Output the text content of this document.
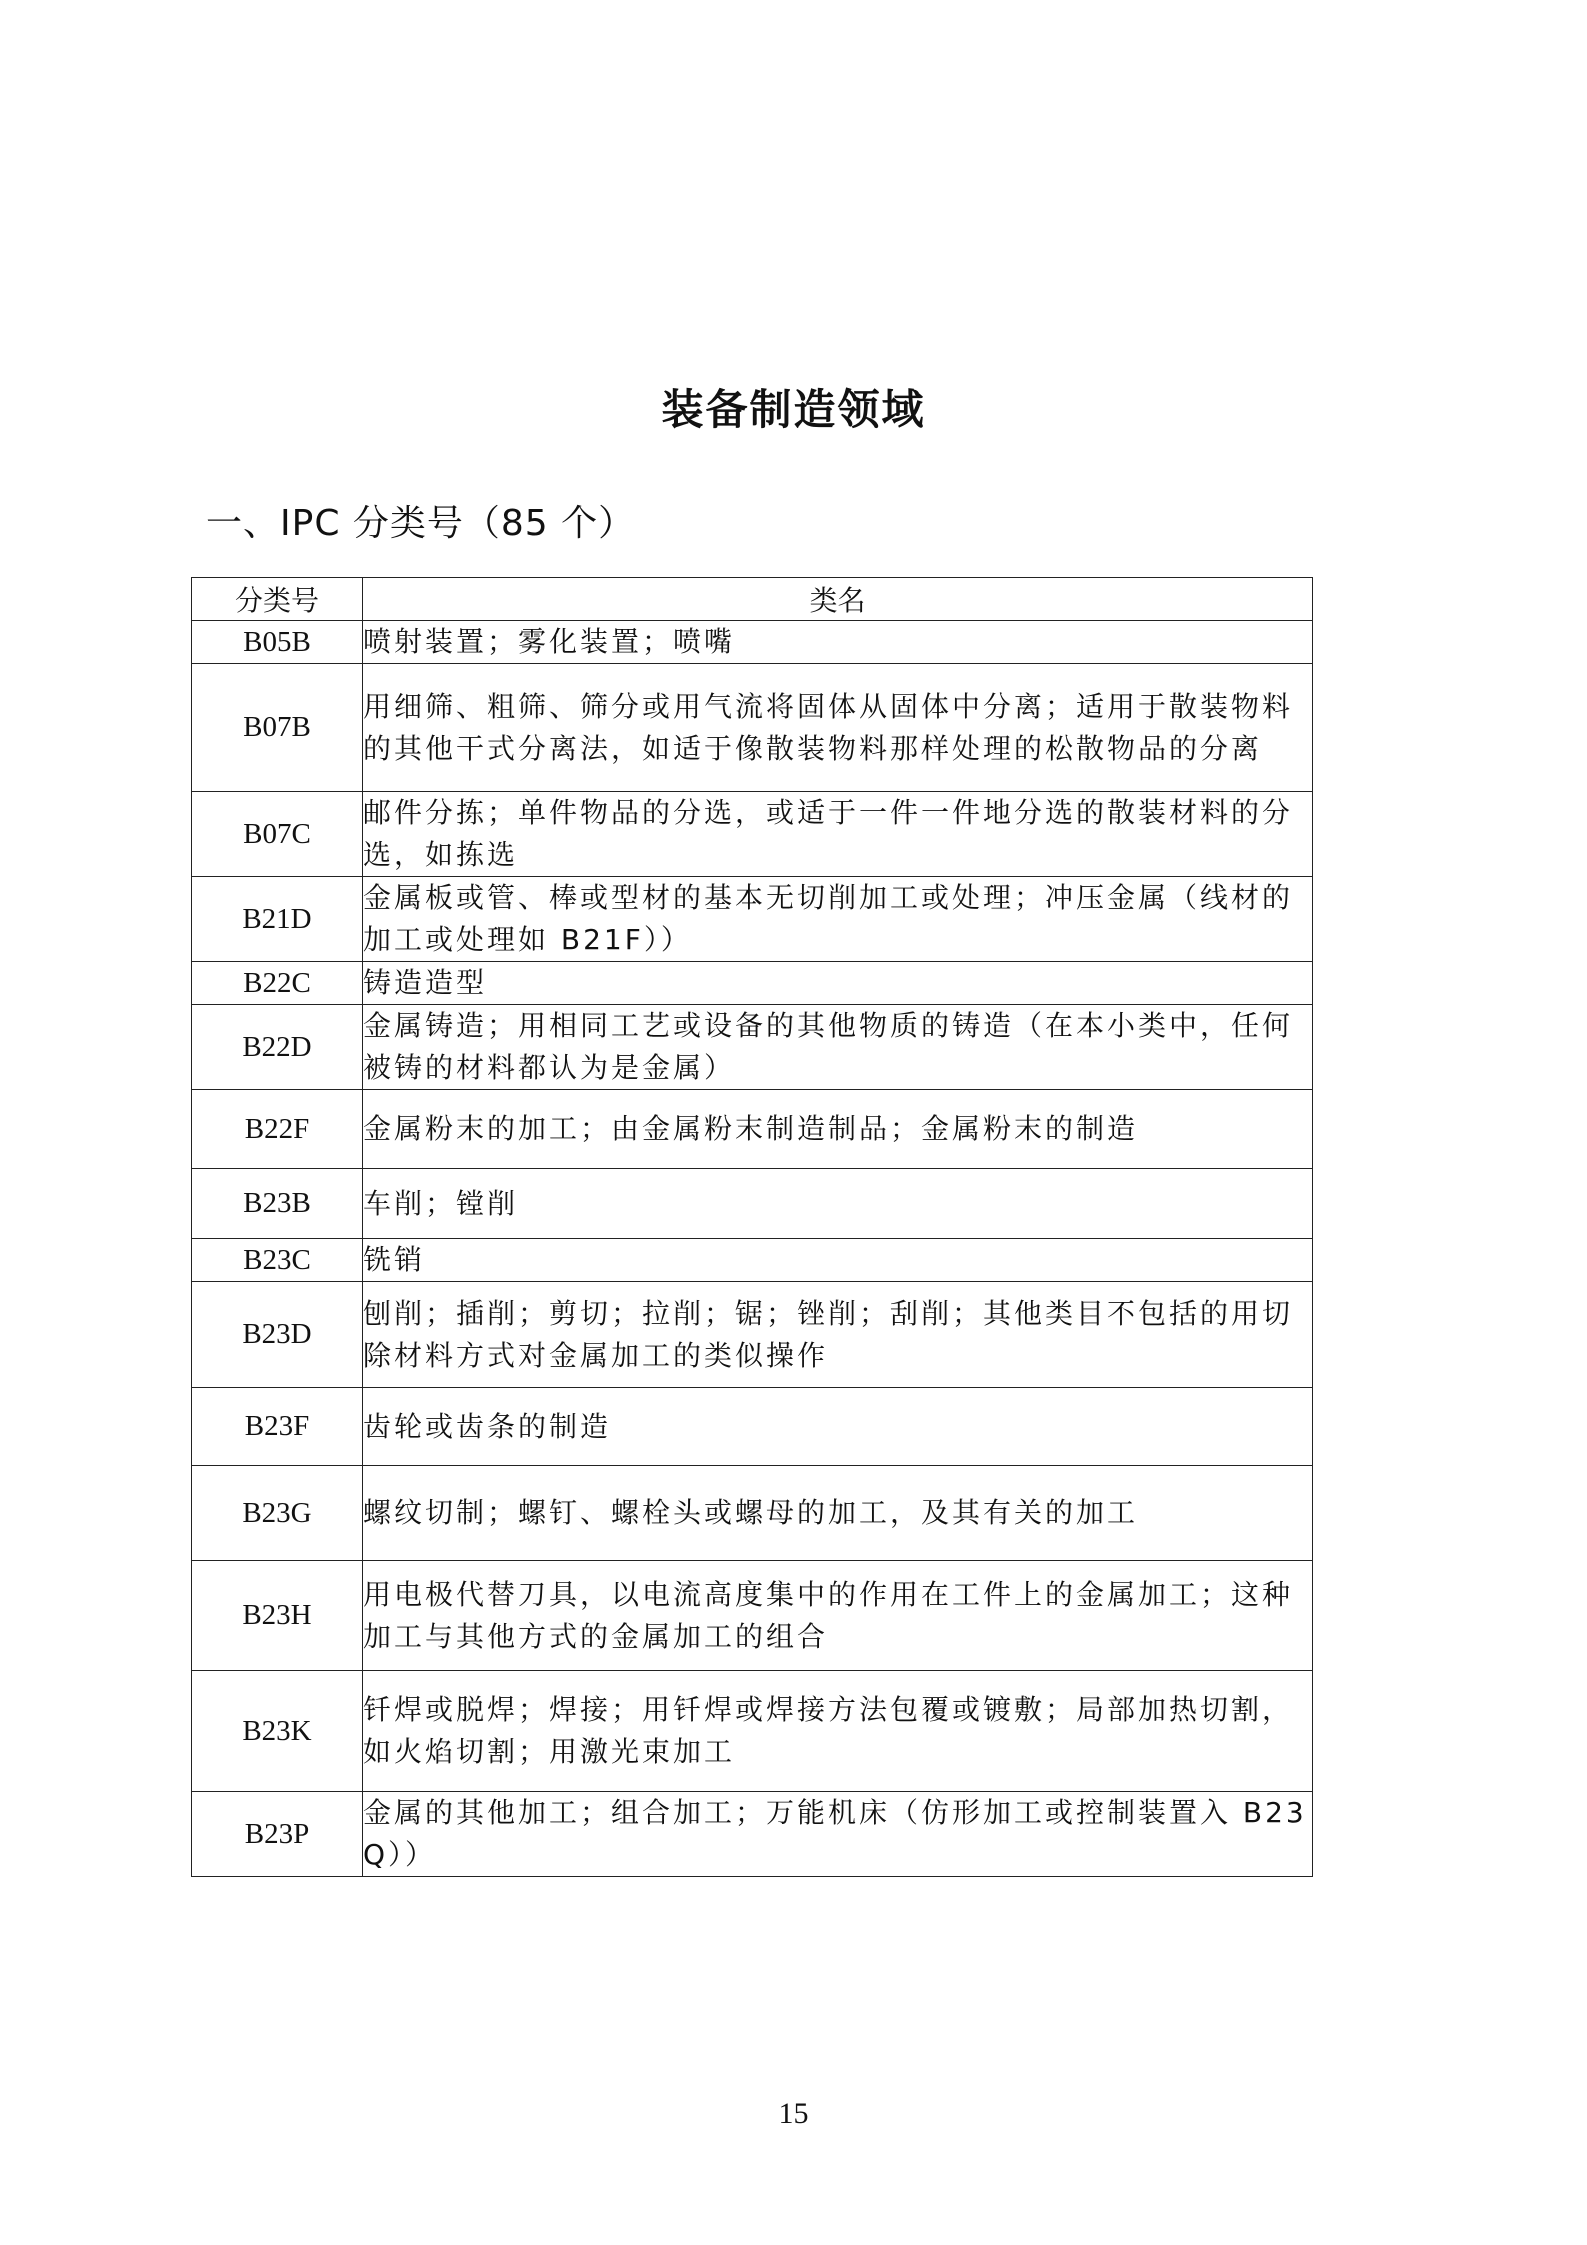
装备制造领域
一、IPC 分类号（85 个）
分类号	类名
B05B	喷射装置；雾化装置；喷嘴
B07B	用细筛、粗筛、筛分或用气流将固体从固体中分离；适用于散装物料的其他干式分离法，如适于像散装物料那样处理的松散物品的分离
B07C	邮件分拣；单件物品的分选，或适于一件一件地分选的散装材料的分选，如拣选
B21D	金属板或管、棒或型材的基本无切削加工或处理；冲压金属（线材的加工或处理如 B21F））
B22C	铸造造型
B22D	金属铸造；用相同工艺或设备的其他物质的铸造（在本小类中，任何被铸的材料都认为是金属）
B22F	金属粉末的加工；由金属粉末制造制品；金属粉末的制造
B23B	车削；镗削
B23C	铣销
B23D	刨削；插削；剪切；拉削；锯；锉削；刮削；其他类目不包括的用切除材料方式对金属加工的类似操作
B23F	齿轮或齿条的制造
B23G	螺纹切制；螺钉、螺栓头或螺母的加工，及其有关的加工
B23H	用电极代替刀具，以电流高度集中的作用在工件上的金属加工；这种加工与其他方式的金属加工的组合
B23K	钎焊或脱焊；焊接；用钎焊或焊接方法包覆或镀敷；局部加热切割，如火焰切割；用激光束加工
B23P	金属的其他加工；组合加工；万能机床（仿形加工或控制装置入 B23Q））
15
